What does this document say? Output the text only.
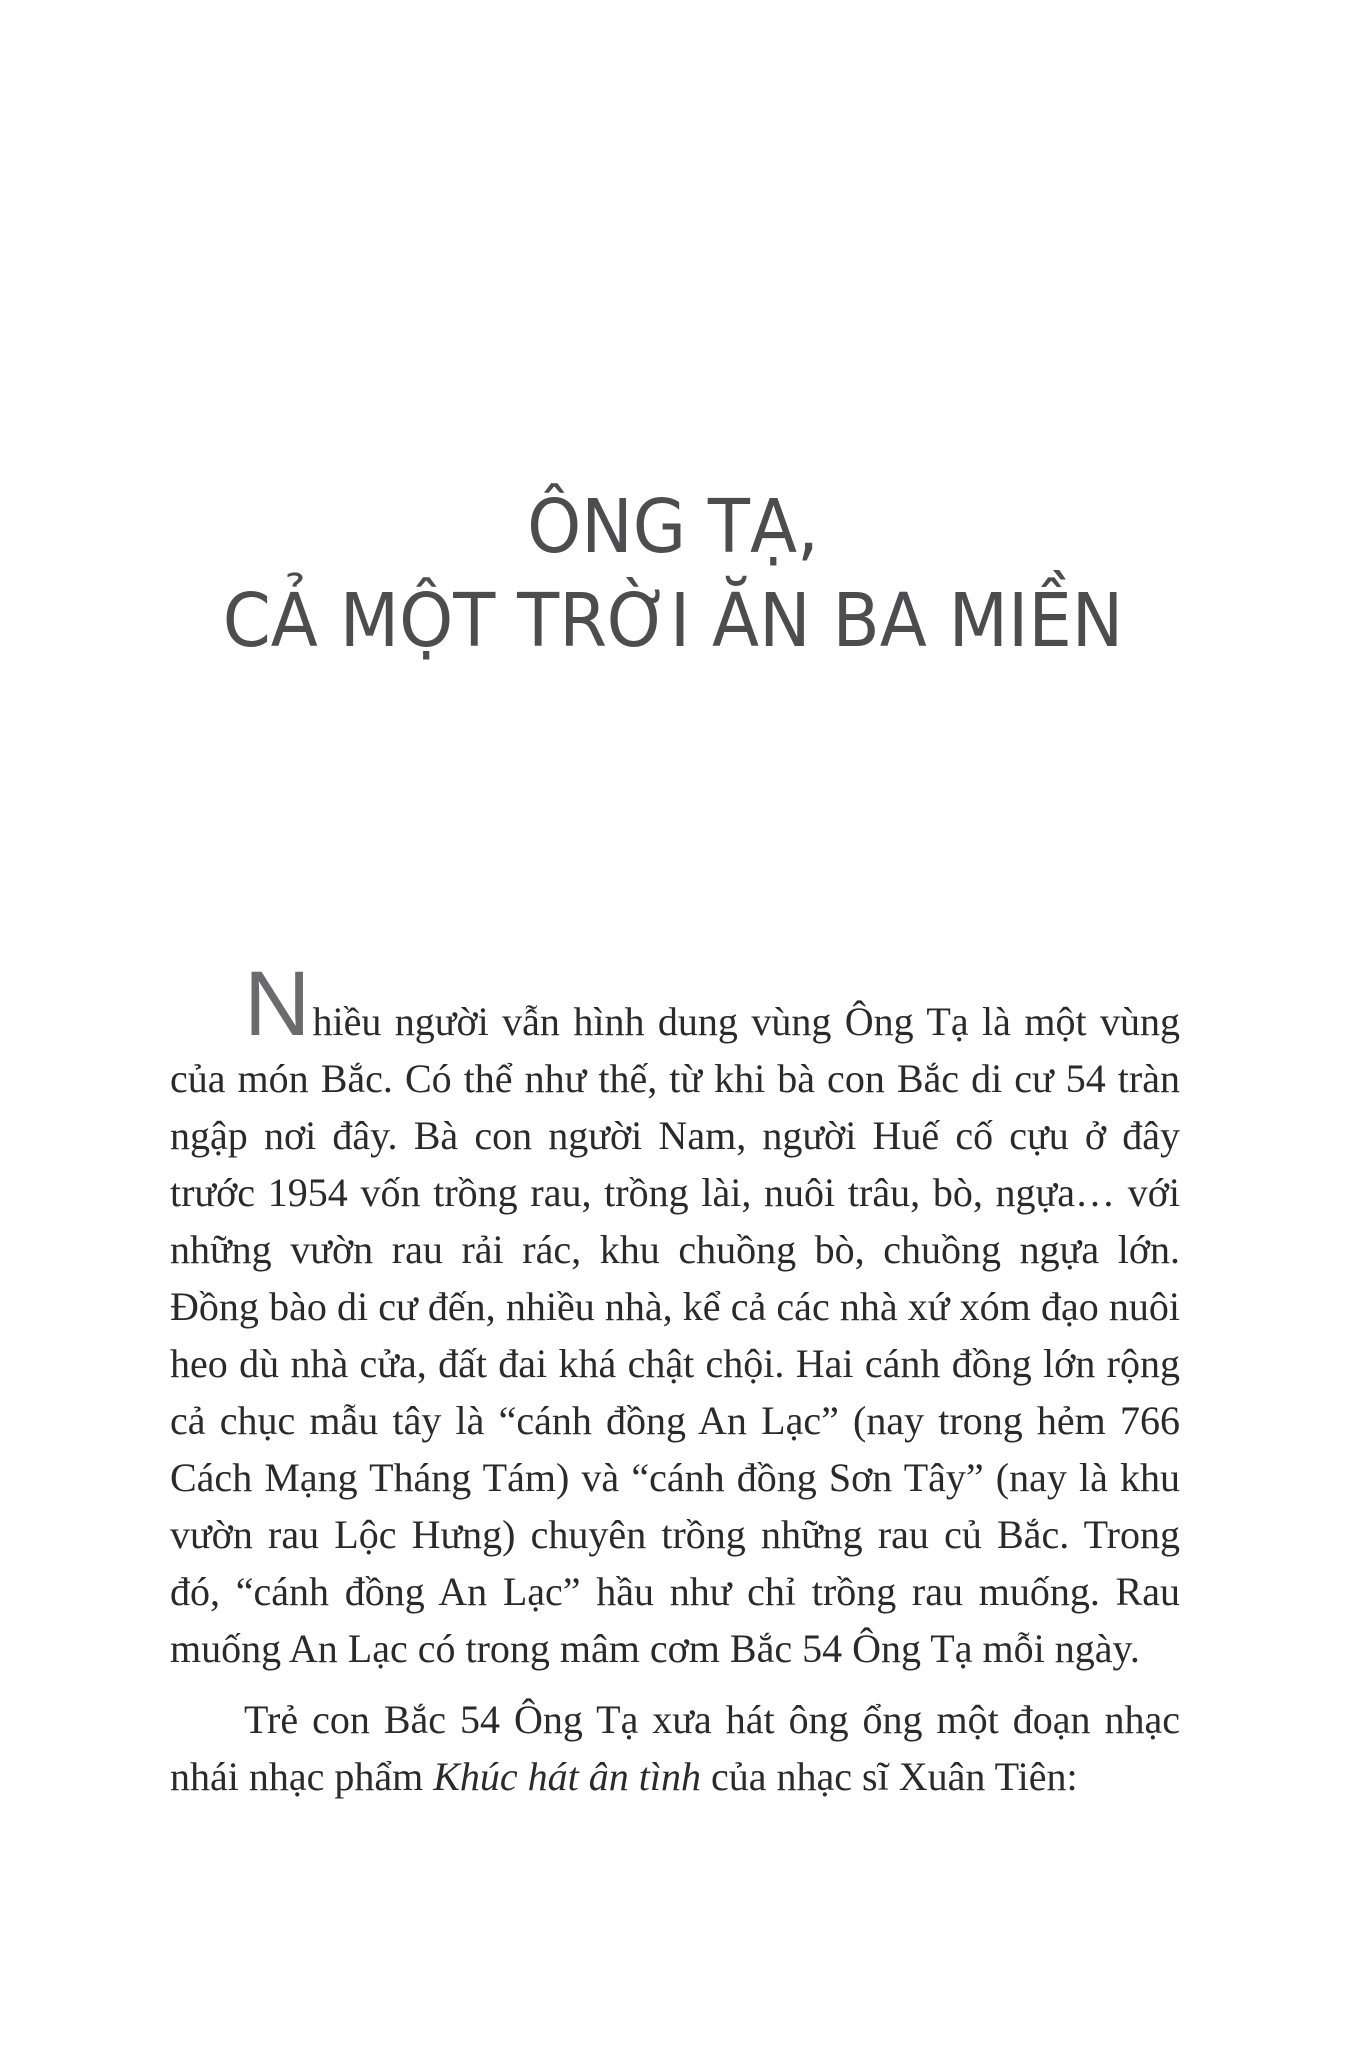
ÔNG TẠ,
CẢ MỘT TRỜI ĂN BA MIỀN

Nhiều người vẫn hình dung vùng Ông Tạ là một vùng của món Bắc. Có thể như thế, từ khi bà con Bắc di cư 54 tràn ngập nơi đây. Bà con người Nam, người Huế cố cựu ở đây trước 1954 vốn trồng rau, trồng lài, nuôi trâu, bò, ngựa… với những vườn rau rải rác, khu chuồng bò, chuồng ngựa lớn. Đồng bào di cư đến, nhiều nhà, kể cả các nhà xứ xóm đạo nuôi heo dù nhà cửa, đất đai khá chật chội. Hai cánh đồng lớn rộng cả chục mẫu tây là “cánh đồng An Lạc” (nay trong hẻm 766 Cách Mạng Tháng Tám) và “cánh đồng Sơn Tây” (nay là khu vườn rau Lộc Hưng) chuyên trồng những rau củ Bắc. Trong đó, “cánh đồng An Lạc” hầu như chỉ trồng rau muống. Rau muống An Lạc có trong mâm cơm Bắc 54 Ông Tạ mỗi ngày.

Trẻ con Bắc 54 Ông Tạ xưa hát ông ổng một đoạn nhạc nhái nhạc phẩm Khúc hát ân tình của nhạc sĩ Xuân Tiên:
